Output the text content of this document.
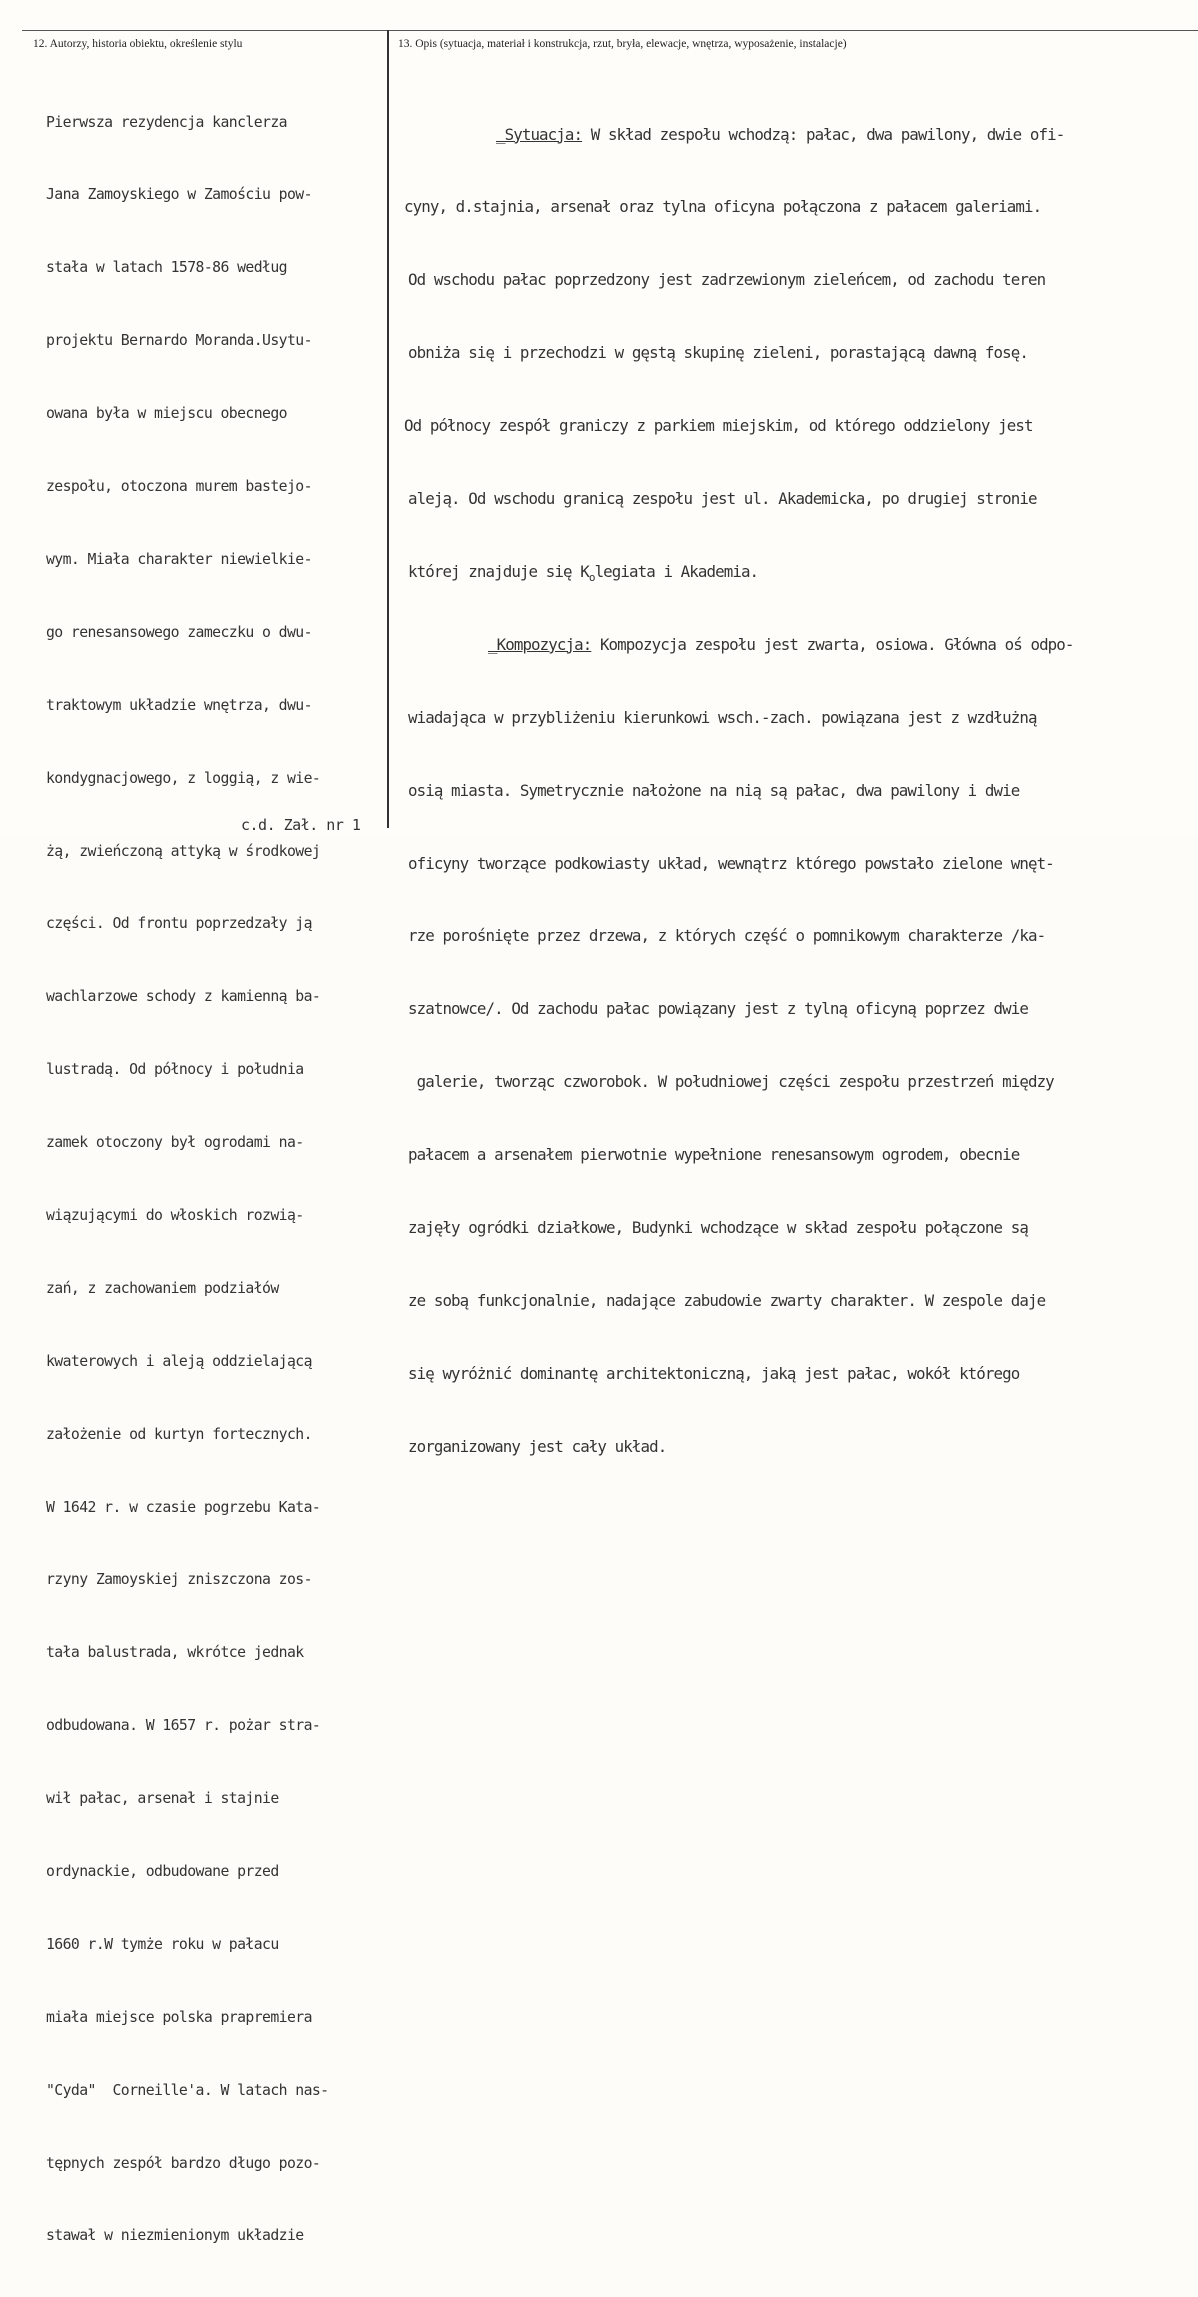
12. Autorzy, historia obiektu, określenie stylu	13. Opis (sytuacja, materiał i konstrukcja, rzut, bryła, elewacje, wnętrza, wyposażenie, instalacje)

Pierwsza rezydencja kanclerza

Jana Zamoyskiego w Zamościu pow-

stała w latach 1578-86 według

projektu Bernardo Moranda.Usytu-

owana była w miejscu obecnego

zespołu, otoczona murem bastejo-

wym. Miała charakter niewielkie-

go renesansowego zameczku o dwu-

traktowym układzie wnętrza, dwu-

kondygnacjowego, z loggią, z wie-

żą, zwieńczoną attyką w środkowej

części. Od frontu poprzedzały ją

wachlarzowe schody z kamienną ba-

lustradą. Od północy i południa

zamek otoczony był ogrodami na-

wiązującymi do włoskich rozwią-

zań, z zachowaniem podziałów

kwaterowych i aleją oddzielającą

założenie od kurtyn fortecznych.

W 1642 r. w czasie pogrzebu Kata-

rzyny Zamoyskiej zniszczona zos-

tała balustrada, wkrótce jednak

odbudowana. W 1657 r. pożar stra-

wił pałac, arsenał i stajnie

ordynackie, odbudowane przed

1660 r.W tymże roku w pałacu

miała miejsce polska prapremiera

"Cyda"  Corneille'a. W latach nas-

tępnych zespół bardzo długo pozo-

stawał w niezmienionym układzie

_Sytuacja: W skład zespołu wchodzą: pałac, dwa pawilony, dwie ofi-

cyny, d.stajnia, arsenał oraz tylna oficyna połączona z pałacem galeriami.

Od wschodu pałac poprzedzony jest zadrzewionym zieleńcem, od zachodu teren

obniża się i przechodzi w gęstą skupinę zieleni, porastającą dawną fosę.

Od północy zespół graniczy z parkiem miejskim, od którego oddzielony jest

aleją. Od wschodu granicą zespołu jest ul. Akademicka, po drugiej stronie

której znajduje się $K_olegiata$ i Akademia.

_Kompozycja: Kompozycja zespołu jest zwarta, osiowa. Główna oś odpo-

wiadająca w przybliżeniu kierunkowi wsch.-zach. powiązana jest z wzdłużną

osią miasta. Symetrycznie nałożone na nią są pałac, dwa pawilony i dwie

oficyny tworzące podkowiasty układ, wewnątrz którego powstało zielone wnęt-

rze porośnięte przez drzewa, z których część o pomnikowym charakterze /ka-

szatnowce/. Od zachodu pałac powiązany jest z tylną oficyną poprzez dwie

galerie, tworząc czworobok. W południowej części zespołu przestrzeń między

pałacem a arsenałem pierwotnie wypełnione renesansowym ogrodem, obecnie

zajęły ogródki działkowe, Budynki wchodzące w skład zespołu połączone są

ze sobą funkcjonalnie, nadające zabudowie zwarty charakter. W zespole daje

się wyróżnić dominantę architektoniczną, jaką jest pałac, wokół którego

zorganizowany jest cały układ.

c.d. Zał. nr 1
